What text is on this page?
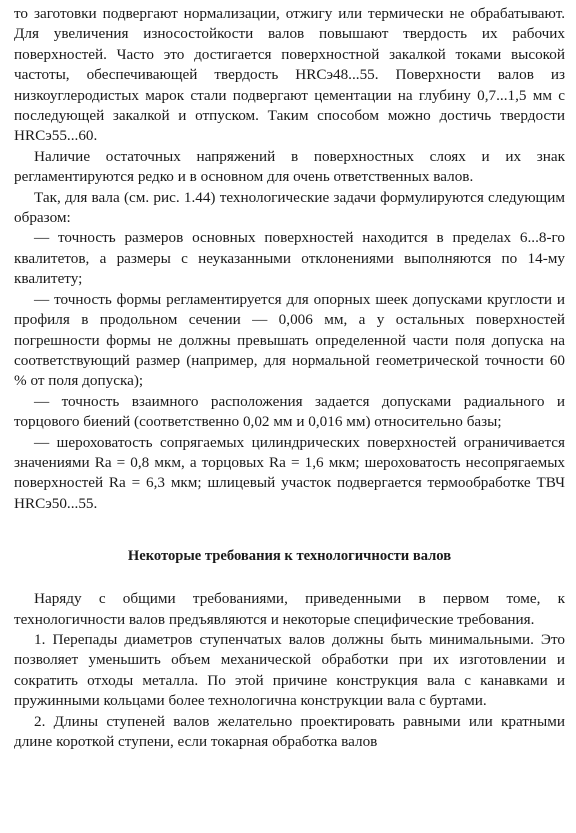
то заготовки подвергают нормализации, отжигу или термически не обрабатывают. Для увеличения износостойкости валов повышают твердость их рабочих поверхностей. Часто это достигается поверхностной закалкой токами высокой частоты, обеспечивающей твердость HRCэ48...55. Поверхности валов из низкоуглеродистых марок стали подвергают цементации на глубину 0,7...1,5 мм с последующей закалкой и отпуском. Таким способом можно достичь твердости HRCэ55...60.

Наличие остаточных напряжений в поверхностных слоях и их знак регламентируются редко и в основном для очень ответственных валов.

Так, для вала (см. рис. 1.44) технологические задачи формулируются следующим образом:

— точность размеров основных поверхностей находится в пределах 6...8-го квалитетов, а размеры с неуказанными отклонениями выполняются по 14-му квалитету;

— точность формы регламентируется для опорных шеек допусками круглости и профиля в продольном сечении — 0,006 мм, а у остальных поверхностей погрешности формы не должны превышать определенной части поля допуска на соответствующий размер (например, для нормальной геометрической точности 60 % от поля допуска);

— точность взаимного расположения задается допусками радиального и торцового биений (соответственно 0,02 мм и 0,016 мм) относительно базы;

— шероховатость сопрягаемых цилиндрических поверхностей ограничивается значениями Ra = 0,8 мкм, а торцовых Ra = 1,6 мкм; шероховатость несопрягаемых поверхностей Ra = 6,3 мкм; шлицевый участок подвергается термообработке ТВЧ HRCэ50...55.

Некоторые требования к технологичности валов

Наряду с общими требованиями, приведенными в первом томе, к технологичности валов предъявляются и некоторые специфические требования.

1. Перепады диаметров ступенчатых валов должны быть минимальными. Это позволяет уменьшить объем механической обработки при их изготовлении и сократить отходы металла. По этой причине конструкция вала с канавками и пружинными кольцами более технологична конструкции вала с буртами.

2. Длины ступеней валов желательно проектировать равными или кратными длине короткой ступени, если токарная обработка валов
